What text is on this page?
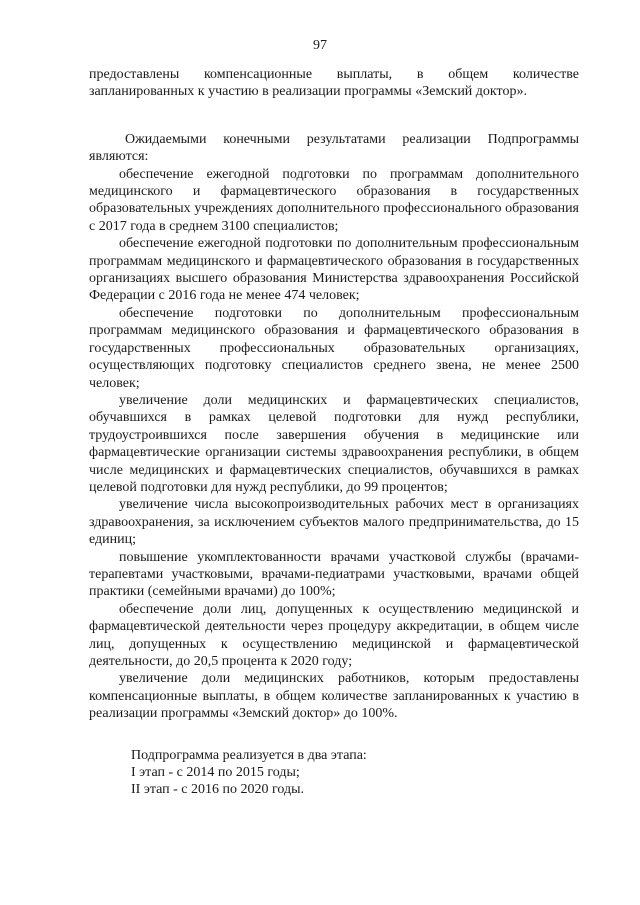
97

предоставлены компенсационные выплаты, в общем количестве запланированных к участию в реализации программы «Земский доктор».

Ожидаемыми конечными результатами реализации Подпрограммы являются:

обеспечение ежегодной подготовки по программам дополнительного медицинского и фармацевтического образования в государственных образовательных учреждениях дополнительного профессионального образования с 2017 года в среднем 3100 специалистов;

обеспечение ежегодной подготовки по дополнительным профессиональным программам медицинского и фармацевтического образования в государственных организациях высшего образования Министерства здравоохранения Российской Федерации с 2016 года не менее 474 человек;

обеспечение подготовки по дополнительным профессиональным программам медицинского образования и фармацевтического образования в государственных профессиональных образовательных организациях, осуществляющих подготовку специалистов среднего звена, не менее 2500 человек;

увеличение доли медицинских и фармацевтических специалистов, обучавшихся в рамках целевой подготовки для нужд республики, трудоустроившихся после завершения обучения в медицинские или фармацевтические организации системы здравоохранения республики, в общем числе медицинских и фармацевтических специалистов, обучавшихся в рамках целевой подготовки для нужд республики, до 99 процентов;

увеличение числа высокопроизводительных рабочих мест в организациях здравоохранения, за исключением субъектов малого предпринимательства, до 15 единиц;

повышение укомплектованности врачами участковой службы (врачами-терапевтами участковыми, врачами-педиатрами участковыми, врачами общей практики (семейными врачами) до 100%;

обеспечение доли лиц, допущенных к осуществлению медицинской и фармацевтической деятельности через процедуру аккредитации, в общем числе лиц, допущенных к осуществлению медицинской и фармацевтической деятельности, до 20,5 процента к 2020 году;

увеличение доли медицинских работников, которым предоставлены компенсационные выплаты, в общем количестве запланированных к участию в реализации программы «Земский доктор» до 100%.

Подпрограмма реализуется в два этапа:

I этап - с 2014 по 2015 годы;

II этап - с 2016 по 2020 годы.
